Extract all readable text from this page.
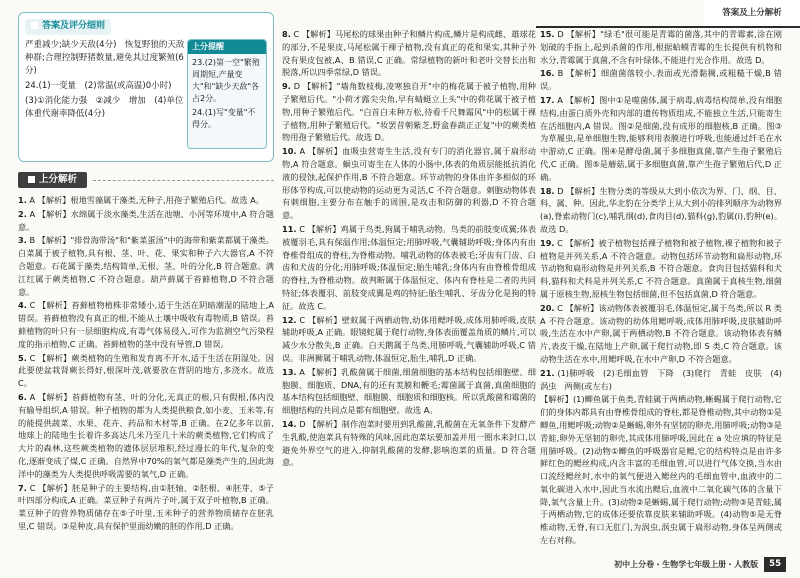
答案及上分解析
答案及评分细则

严重减少;缺少天敌(4分)　恢复野狼的天敌种群;合理控制野猪数量,避免其过度繁殖(6分)

24.(1)一变量　(2)常温(或高温)0小时)

(3)①消化能力强　②减少　增加　(4)单位体重代谢率降低(4分)

上分提醒

23.(2)第一空"繁殖周期短,产量变大"和"缺少天敌"各占2分。

24.(1)写"变量"不得分。

上分解析

1. A 【解析】根地雪藻属于藻类,无种子,用孢子繁殖后代。故选 A。

2. A 【解析】水绵属于淡水藻类,生活在池塘、小河等环境中,A 符合题意。

3. B 【解析】"排骨海带汤"和"紫菜蛋汤"中的海带和紫菜都属于藻类。白菜属于被子植物,具有根、茎、叶、花、果实和种子六大器官,A 不符合题意。石花属于藻类,结构简单,无根、茎、叶的分化,B 符合题意。满江红属于蕨类植物,C 不符合题意。葫芦藓属于苔藓植物,D 不符合题意。

4. C 【解析】苔藓植物植株非常矮小,适于生活在阴暗潮湿的陆地上,A 错误。苔藓植物没有真正的根,不能从土壤中吸收有毒物质,B 错误。苔藓植物的叶只有一层细胞构成,有毒气体易侵入,可作为监测空气污染程度的指示植物,C 正确。苔藓植物的茎中没有导管,D 错误。

5. C 【解析】蕨类植物的生殖和发育离不开水,适于生活在阴湿处。因此要使盆栽肾蕨长得好,根深叶茂,就要放在背阴的地方,多浇水。故选 C。

6. A 【解析】苔藓植物有茎、叶的分化,无真正的根,只有假根,体内没有输导组织,A 错误。种子植物的都为人类提供粮食,如小麦、玉米等,有的能提供蔬菜、水果、花卉、药品和木材等,B 正确。在2亿多年以前,地球上的陆地生长着许多高达几米乃至几十米的蕨类植物,它们构成了大片的森林,这些蕨类植物的遗体层层堆积,经过漫长的年代,复杂的变化,逐渐变成了煤,C 正确。自然界中70%的氧气都是藻类产生的,因此海洋中的藻类为人类提供呼吸需要的氧气,D 正确。

7. C 【解析】胚是种子的主要结构,由①胚轴、②胚根、④胚芽、⑤子叶四部分构成,A 正确。菜豆种子有两片子叶,属于双子叶植物,B 正确。菜豆种子的营养物质储存在⑤子叶里,玉米种子的营养物质储存在胚乳里,C 错误。③是种皮,具有保护里面幼嫩的胚的作用,D 正确。

8. C 【解析】马尾松的球果由种子和鳞片构成,鳞片是构成雌、雄球花的部分,不是果皮,马尾松属于裸子植物,没有真正的花和果实,其种子外没有果皮包被,A、B 错误,C 正确。常绿植物的新叶和老叶交替长出和脱落,所以四季常绿,D 错误。

9. D 【解析】"墙角数枝梅,凌寒独自开"中的梅花属于被子植物,用种子繁殖后代。"小荷才露尖尖角,早有蜻蜓立上头"中的荷花属于被子植物,用种子繁殖后代。"白首白未种万松,待看千尺舞霜风"中的松属于裸子植物,用种子繁殖后代。"妆罢昔朝紫芝,野盒春蔬正正复"中的蕨类植物用孢子繁殖后代。故选 D。

10. A 【解析】血吸虫营寄生生活,没有专门的消化器官,属于扁形动物,A 符合题意。蛔虫可寄生在人体的小肠中,体表的角质层能抵抗消化液的侵蚀,起保护作用,B 不符合题意。环节动物的身体由许多相似的环形体节构成,可以使动物的运动更为灵活,C 不符合题意。刺胞动物体表有刺细胞,主要分布在触手的周围,是攻击和防御的利器,D 不符合题意。

11. C 【解析】鸡属于鸟类,狗属于哺乳动物。鸟类的前肢变成翼;体表被覆羽毛,具有保温作用;体温恒定;用肺呼吸,气囊辅助呼吸;身体内有由脊椎骨组成的脊柱,为脊椎动物。哺乳动物的体表被毛;牙齿有门齿、臼齿和犬齿的分化;用肺呼吸;体温恒定;胎生哺乳;身体内有由脊椎骨组成的脊柱,为脊椎动物。故判断属于体温恒定、体内有脊柱是二者的共同特征;体表覆羽、前肢变成翼是鸡的特征;胎生哺乳、牙齿分化是狗的特征。故选 C。

12. C 【解析】壁蚊属于两栖动物,幼体用鳃呼吸,成体用肺呼吸,皮肤辅助呼吸,A 正确。眼镜蛇属于爬行动物,身体表面覆盖角质的鳞片,可以减少水分散失,B 正确。白天鹅属于鸟类,用肺呼吸,气囊辅助呼吸,C 错误。非洲狮属于哺乳动物,体温恒定,胎生,哺乳,D 正确。

13. A 【解析】乳酸菌属于细菌,细菌细胞的基本结构包括细胞壁、细胞膜、细胞质、DNA,有的还有荚膜和鞭毛;霉菌属于真菌,真菌细胞的基本结构包括细胞壁、细胞膜、细胞质和细胞核。所以乳酸菌和霉菌的细胞结构的共同点是都有细胞壁。故选 A。

14. D 【解析】制作泡菜时要用到乳酸菌,乳酸菌在无氧条件下发酵产生乳酸,使泡菜具有特殊的风味,因此泡菜坛要加盖并用一圈水来封口,以避免外界空气的进入,抑制乳酸菌的发酵,影响泡菜的质量。D 符合题意。

15. D 【解析】"绿毛"很可能是青霉的菌落,其中的青霉素,涂在刚划破的手指上,起到杀菌的作用,根据蛤蟆青霉的生长提供有机物和水分,青霉属于真菌,不含有叶绿体,不能进行光合作用。故选 D。

16. B 【解析】细菌菌落较小,表面或光滑黏稠,或粗糙干燥,B 错误。

17. A 【解析】图中①是噬菌体,属于病毒,病毒结构简单,没有细胞结构,由蛋白质外壳和内部的遗传物质组成,不能独立生活,只能寄生在活细胞内,A 错误。图②是细菌,没有成形的细胞核,B 正确。图③为草履虫,是单细胞生物,能够利用表膜进行呼吸,也能通过纤毛在水中游动,C 正确。图④是酵母菌,属于多细胞真菌,靠产生孢子繁殖后代,C 正确。图⑤是蘑菇,属于多细胞真菌,靠产生孢子繁殖后代,D 正确。

18. D 【解析】生物分类的等级从大到小依次为界、门、纲、目、科、属、种。因此,华北豹在分类学上从大到小的排列顺序为动物界(a),脊索动物门(c),哺乳纲(d),食肉目(d),猫科(g),豹属(i),豹种(e)。故选 D。

19. C 【解析】被子植物包括裸子植物和被子植物,裸子植物和被子植物是并列关系,A 不符合题意。动物包括环节动物和扁形动物,环节动物和扁形动物是并列关系,B 不符合题意。食肉目包括猫科和犬科,猫科和犬科是并列关系,C 不符合题意。真菌属于真核生物,细菌属于原核生物,原核生物包括细菌,但不包括真菌,D 符合题意。

20. C 【解析】该动物体表被覆羽毛,体温恒定,属于鸟类,所以 R 类 A 不符合题意。该动物的幼体用鳃呼吸,成体用肺呼吸,皮肤辅助呼吸,生活在水中产卵,属于两栖动物,B 不符合题意。该动物体表有鳞片,表皮干燥,在陆地上产卵,属于爬行动物,即 S 类,C 符合题意。该动物生活在水中,用鳃呼吸,在水中产卵,D 不符合题意。

21. (1)肺呼吸　(2)毛细血管　下降　(3)爬行　青蛙　皮肤　(4)涡虫　两侧(或左右)

【解析】(1)鲫鱼属于鱼类,青蛙属于两栖动物,蜥蜴属于爬行动物,它们的身体内都具有由脊椎骨组成的脊柱,都是脊椎动物,其中动物①是鲫鱼,用鳃呼吸;动物②是蜥蜴,卵外有坚韧的卵壳,用肺呼吸;动物③是青蛙,卵外无坚韧的卵壳,其成体用肺呼吸,因此在 a 处应填的特征是用肺呼吸。(2)动物①鲫鱼的呼吸器官是鳃,它的结构特点是由许多鲜红色的鳃丝构成,内含丰富的毛细血管,可以进行气体交换,当水由口流经鳃丝时,水中的氧气便进入鳃丝内的毛细血管中,血液中的二氧化碳进入水中,因此当水流出鳃后,血液中二氧化碳气体的含量下降,氧气含量上升。(3)动物②是蜥蜴,属于爬行动物;动物③是青蛙,属于两栖动物,它的成体还要依靠皮肤来辅助呼吸。(4)动物⑤是无脊椎动物,无脊,有口无肛门,为涡虫,涡虫属于扁形动物,身体呈两侧或左右对称。

初中上分卷・生物学七年级上册・人教版	55
